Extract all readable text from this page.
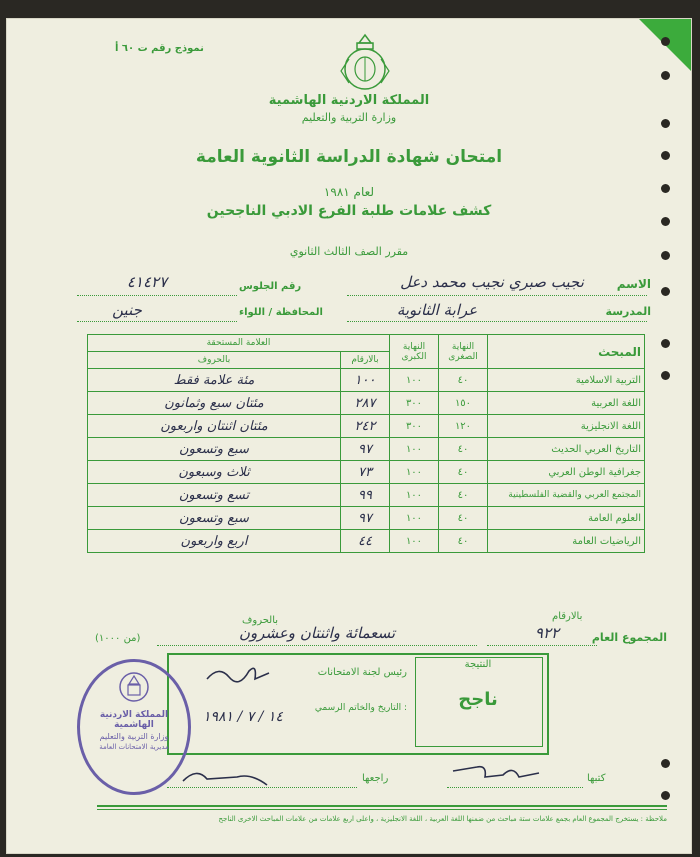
نموذج رقم ت ٦٠ أ
المملكة الاردنية الهاشمية
وزارة التربية والتعليم
امتحان شهادة الدراسة الثانوية العامة
لعام ١٩٨١
كشف علامات طلبة الفرع الادبي الناجحين
مقرر الصف الثالث الثانوي
الاسم
نجيب صبري نجيب محمد دعل
رقم الجلوس
٤١٤٢٧
المدرسة
عرابة الثانوية
المحافظة / اللواء
جنين
المبحث	النهاية الصغرى	النهاية الكبرى	العلامة المستحقة	
			بالارقام	بالحروف
التربية الاسلامية	٤٠	١٠٠	١٠٠	مئة علامة فقط
اللغة العربية	١٥٠	٣٠٠	٢٨٧	مئتان سبع وثمانون
اللغة الانجليزية	١٢٠	٣٠٠	٢٤٢	مئتان اثنتان واربعون
التاريخ العربي الحديث	٤٠	١٠٠	٩٧	سبع وتسعون
جغرافية الوطن العربي	٤٠	١٠٠	٧٣	ثلاث وسبعون
المجتمع العربي والقضية الفلسطينية	٤٠	١٠٠	٩٩	تسع وتسعون
العلوم العامة	٤٠	١٠٠	٩٧	سبع وتسعون
الرياضيات العامة	٤٠	١٠٠	٤٤	اربع واربعون
بالارقام
بالحروف
المجموع العام
٩٢٢
تسعمائة واثنتان وعشرون
(من ١٠٠٠)
النتيجة
ناجح
رئيس لجنة الامتحانات
التاريخ والخاتم الرسمي :
١٤ / ٧ / ١٩٨١
المملكة الاردنية الهاشمية
وزارة التربية والتعليم
مديرية الامتحانات العامة
كتبها
راجعها
ملاحظة : يستخرج المجموع العام بجمع علامات ستة مباحث من ضمنها اللغة العربية ، اللغة الانجليزية ، واعلى اربع علامات من علامات المباحث الاخرى الناجح
